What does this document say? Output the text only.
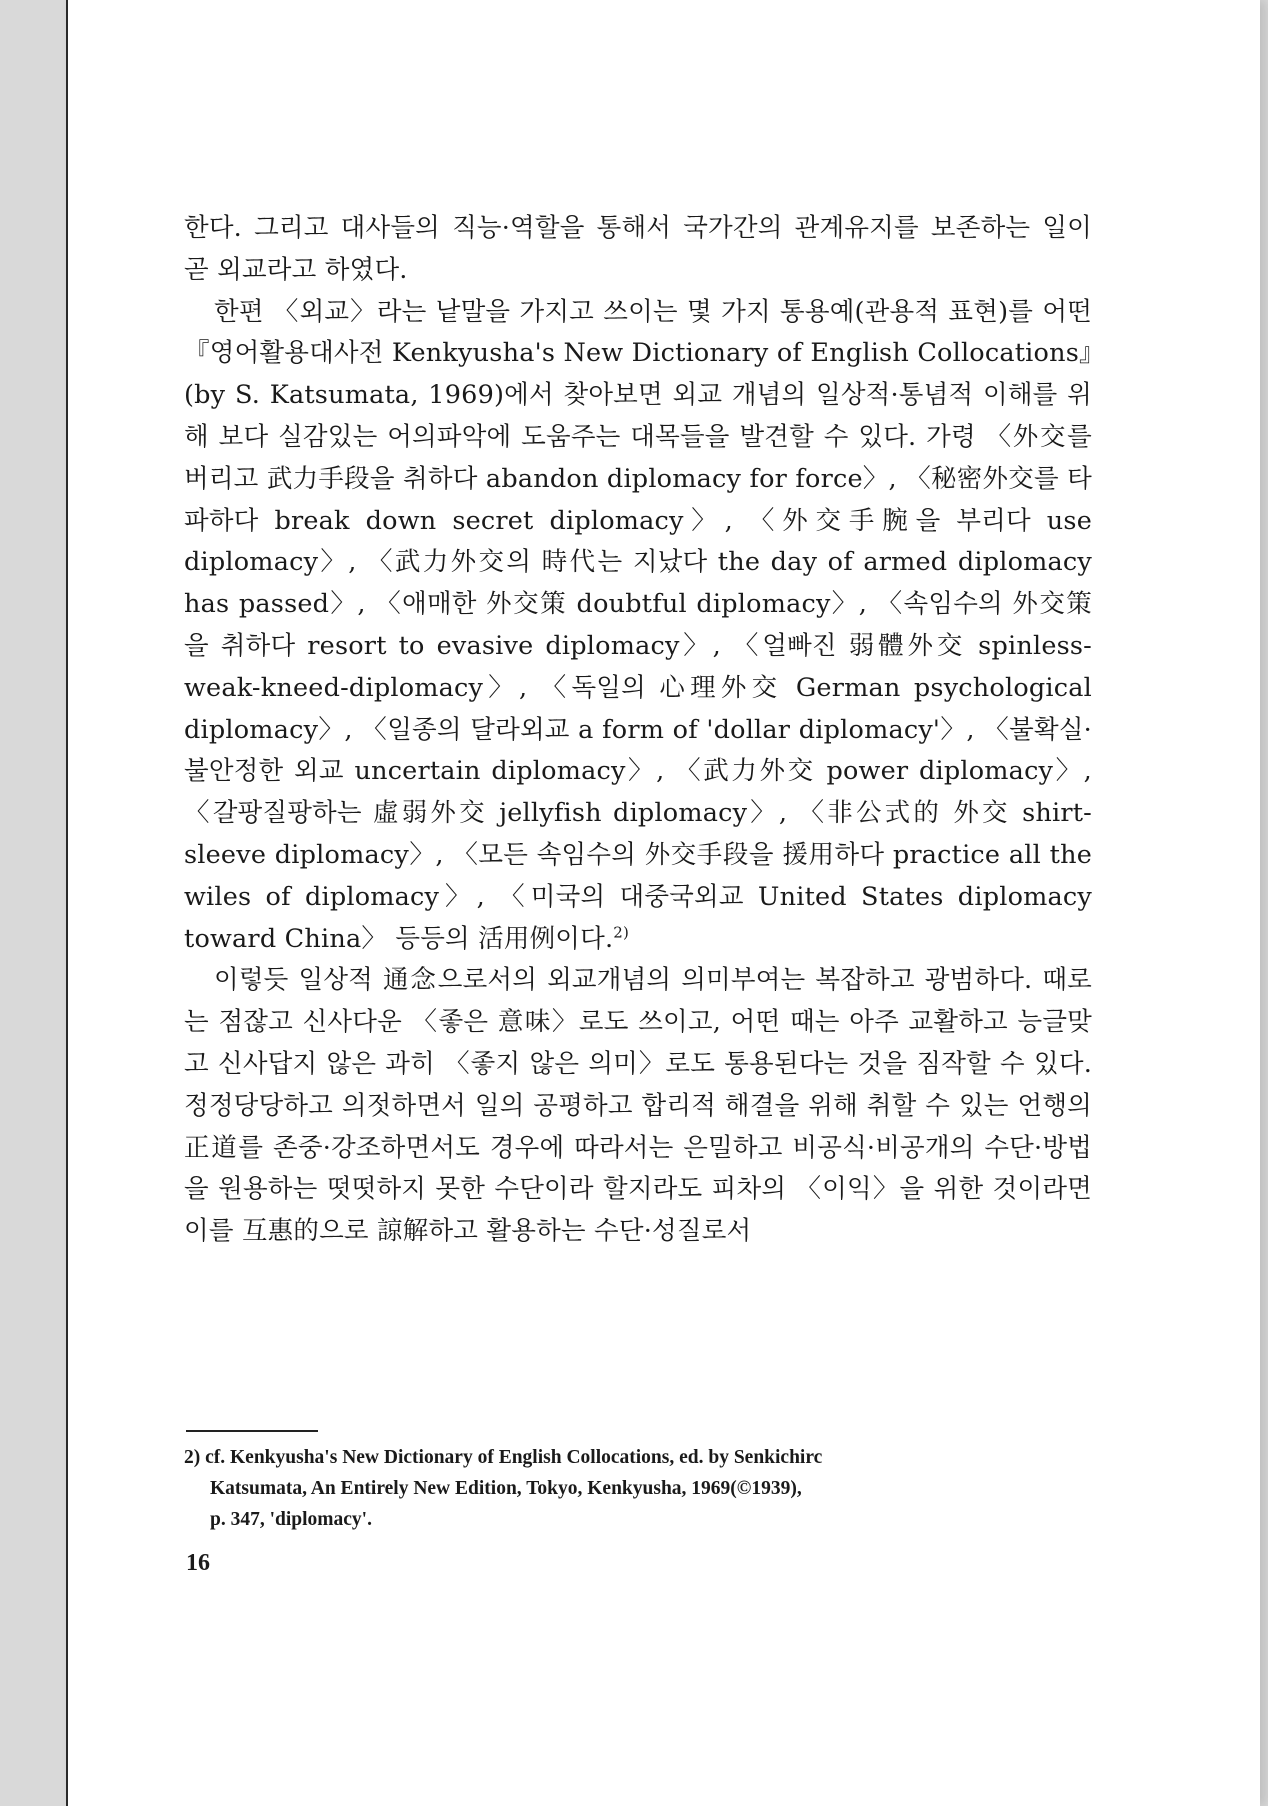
한다. 그리고 대사들의 직능·역할을 통해서 국가간의 관계유지를 보존하는 일이 곧 외교라고 하였다.

한편 〈외교〉라는 낱말을 가지고 쓰이는 몇 가지 통용예(관용적 표현)를 어떤 『영어활용대사전 Kenkyusha's New Dictionary of English Collocations』(by S. Katsumata, 1969)에서 찾아보면 외교 개념의 일상적·통념적 이해를 위해 보다 실감있는 어의파악에 도움주는 대목들을 발견할 수 있다. 가령 〈外交를 버리고 武力手段을 취하다 abandon diplomacy for force〉, 〈秘密外交를 타파하다 break down secret diplomacy〉, 〈外交手腕을 부리다 use diplomacy〉, 〈武力外交의 時代는 지났다 the day of armed diplomacy has passed〉, 〈애매한 外交策 doubtful diplomacy〉, 〈속임수의 外交策을 취하다 resort to evasive diplomacy〉, 〈얼빠진 弱體外交 spinless-weak-kneed-diplomacy〉, 〈독일의 心理外交 German psychological diplomacy〉, 〈일종의 달라외교 a form of 'dollar diplomacy'〉, 〈불확실·불안정한 외교 uncertain diplomacy〉, 〈武力外交 power diplomacy〉, 〈갈팡질팡하는 虛弱外交 jellyfish diplomacy〉, 〈非公式的 外交 shirt-sleeve diplomacy〉, 〈모든 속임수의 外交手段을 援用하다 practice all the wiles of diplomacy〉, 〈미국의 대중국외교 United States diplomacy toward China〉 등등의 活用例이다.$^{2)}$

이렇듯 일상적 通念으로서의 외교개념의 의미부여는 복잡하고 광범하다. 때로는 점잖고 신사다운 〈좋은 意味〉로도 쓰이고, 어떤 때는 아주 교활하고 능글맞고 신사답지 않은 과히 〈좋지 않은 의미〉로도 통용된다는 것을 짐작할 수 있다. 정정당당하고 의젓하면서 일의 공평하고 합리적 해결을 위해 취할 수 있는 언행의 正道를 존중·강조하면서도 경우에 따라서는 은밀하고 비공식·비공개의 수단·방법을 원용하는 떳떳하지 못한 수단이라 할지라도 피차의 〈이익〉을 위한 것이라면 이를 互惠的으로 諒解하고 활용하는 수단·성질로서

2) cf. Kenkyusha's New Dictionary of English Collocations, ed. by Senkichirc

Katsumata, An Entirely New Edition, Tokyo, Kenkyusha, 1969(©1939),

p. 347, 'diplomacy'.

16
